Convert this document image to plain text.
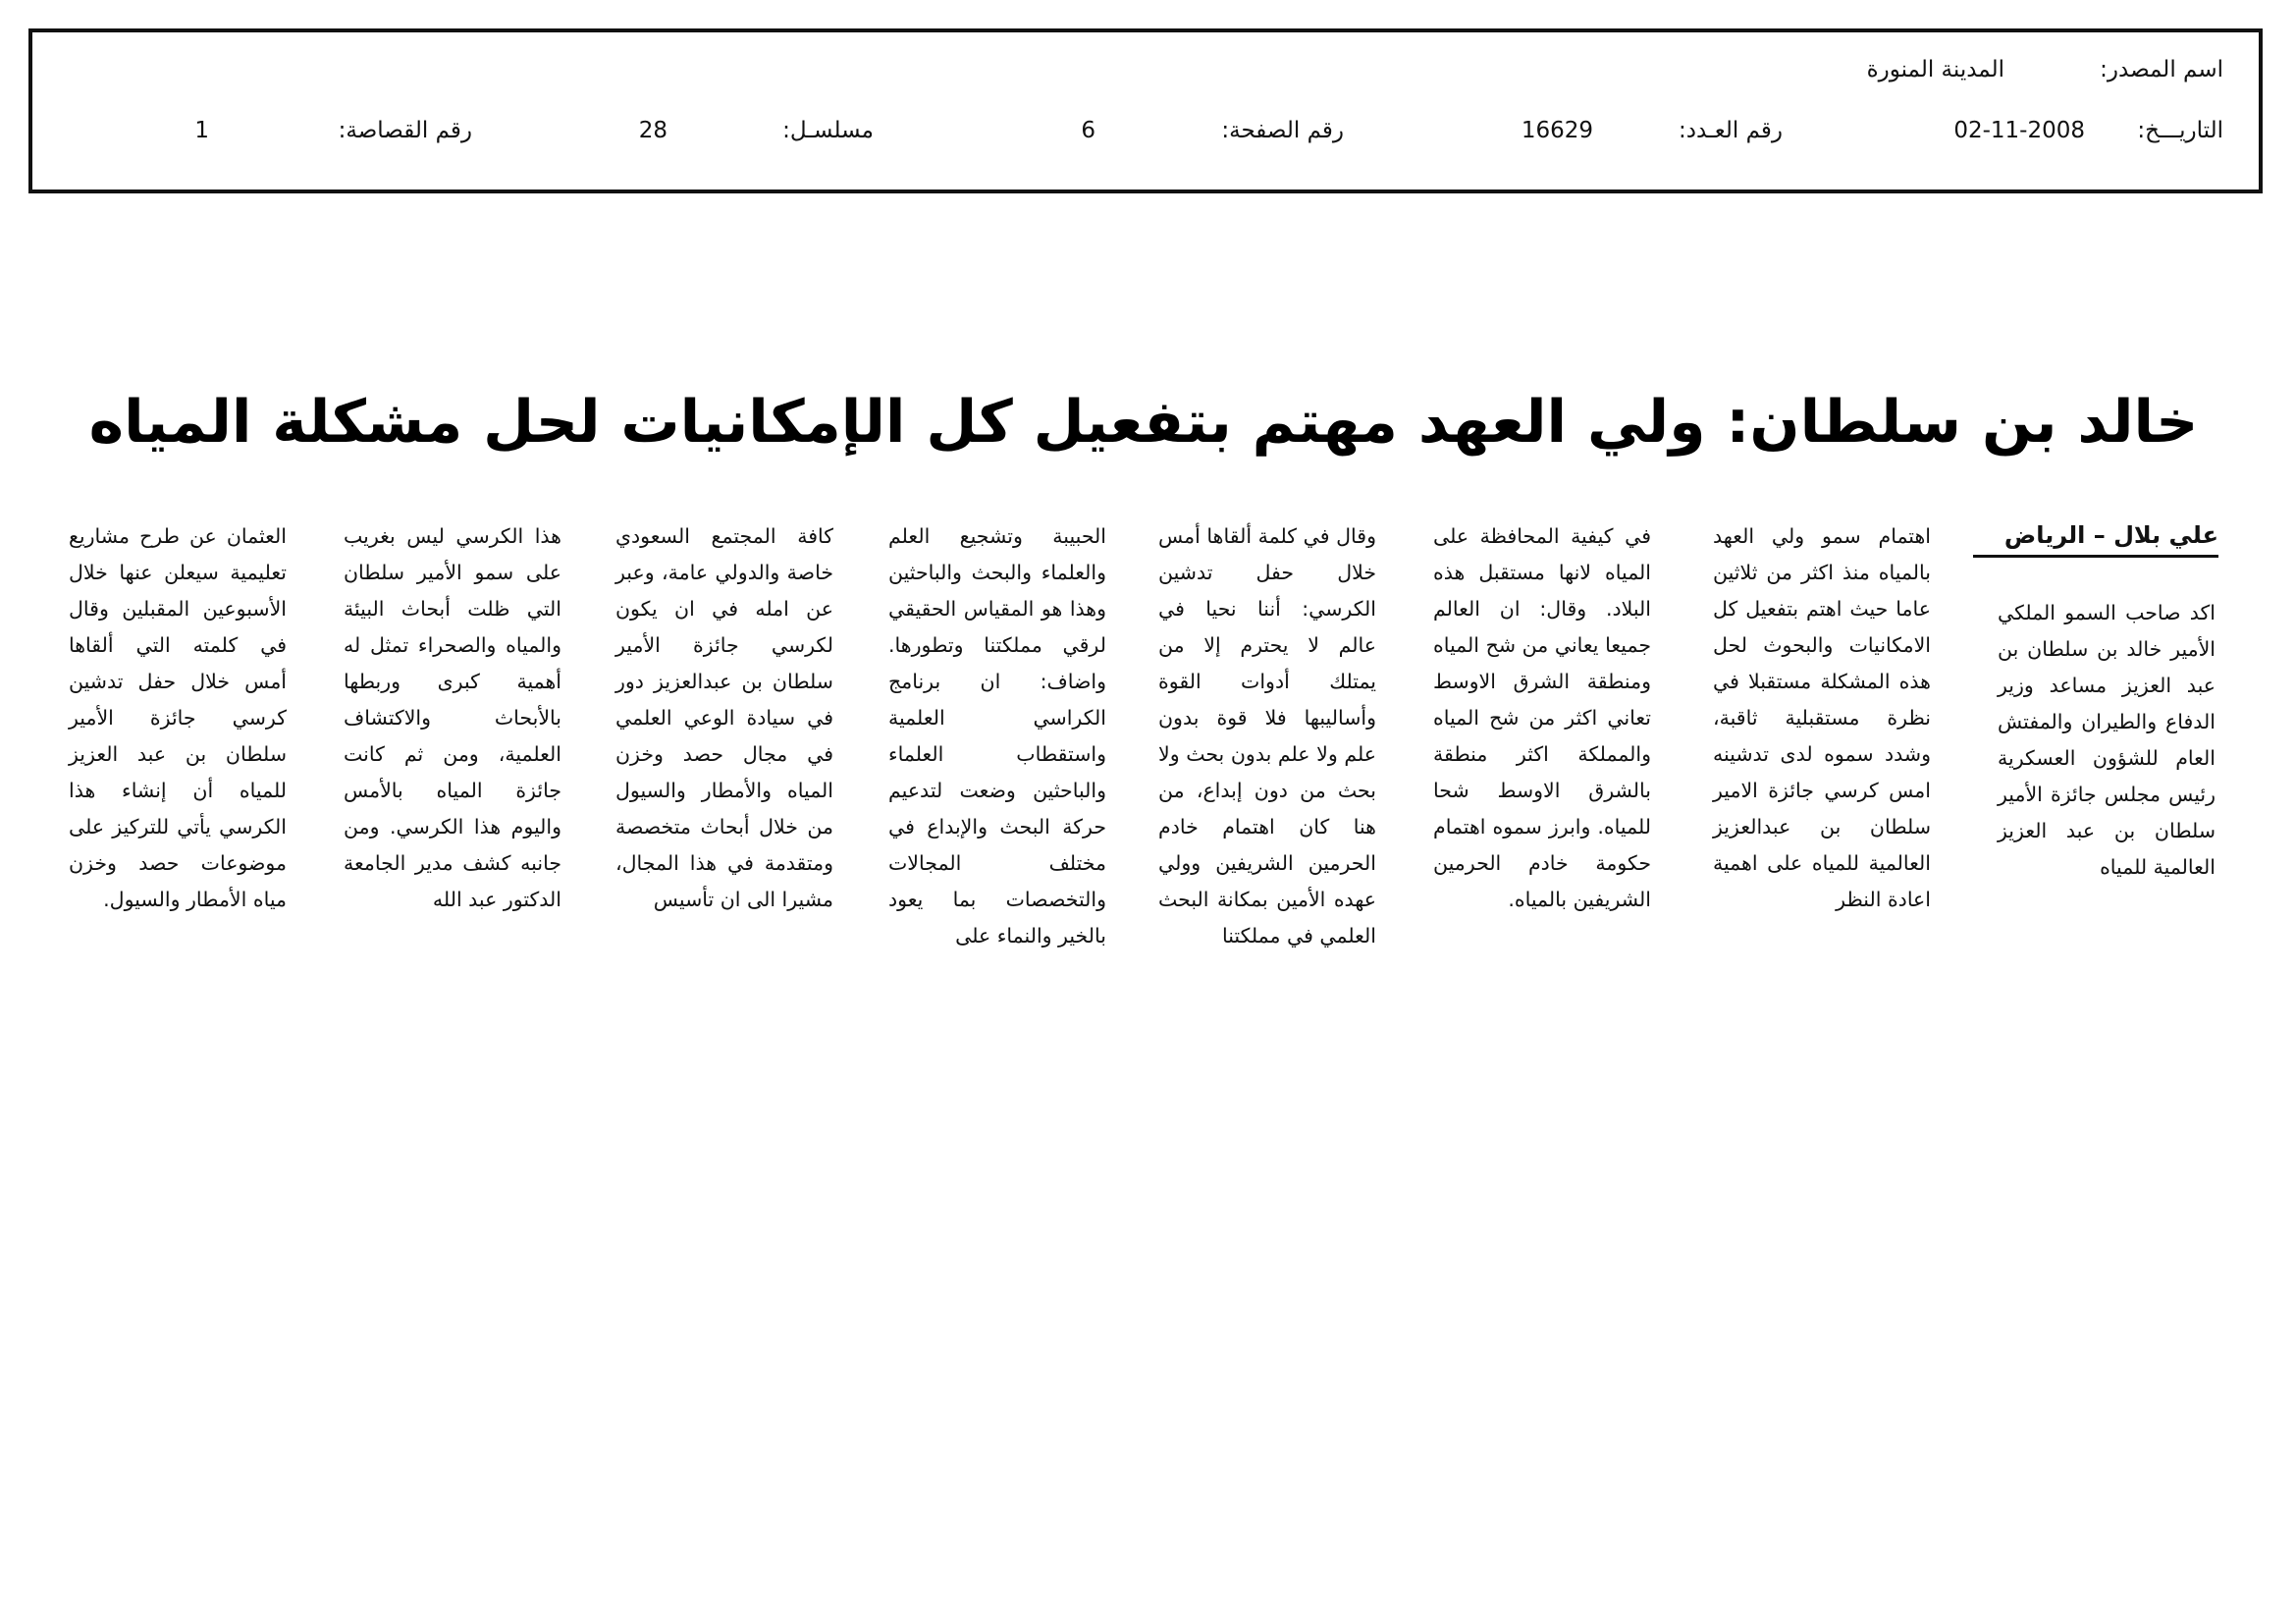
اسم المصدر:
المدينة المنورة
التاريـــخ:
02-11-2008
رقم العـدد:
16629
رقم الصفحة:
6
مسلسـل:
28
رقم القصاصة:
1
خالد بن سلطان: ولي العهد مهتم بتفعيل كل الإمكانيات لحل مشكلة المياه
علي بلال – الرياض
اكد صاحب السمو الملكي الأمير خالد بن سلطان بن عبد العزيز مساعد وزير الدفاع والطيران والمفتش العام للشؤون العسكرية رئيس مجلس جائزة الأمير سلطان بن عبد العزيز العالمية للمياه
اهتمام سمو ولي العهد بالمياه منذ اكثر من ثلاثين عاما حيث اهتم بتفعيل كل الامكانيات والبحوث لحل هذه المشكلة مستقبلا في نظرة مستقبلية ثاقبة، وشدد سموه لدى تدشينه امس كرسي جائزة الامير سلطان بن عبدالعزيز العالمية للمياه على اهمية اعادة النظر
في كيفية المحافظة على المياه لانها مستقبل هذه البلاد. وقال: ان العالم جميعا يعاني من شح المياه ومنطقة الشرق الاوسط تعاني اكثر من شح المياه والمملكة اكثر منطقة بالشرق الاوسط شحا للمياه. وابرز سموه اهتمام حكومة خادم الحرمين الشريفين بالمياه.
وقال في كلمة ألقاها أمس خلال حفل تدشين الكرسي: أننا نحيا في عالم لا يحترم إلا من يمتلك أدوات القوة وأساليبها فلا قوة بدون علم ولا علم بدون بحث ولا بحث من دون إبداع، من هنا كان اهتمام خادم الحرمين الشريفين وولي عهده الأمين بمكانة البحث العلمي في مملكتنا
الحبيبة وتشجيع العلم والعلماء والبحث والباحثين وهذا هو المقياس الحقيقي لرقي مملكتنا وتطورها. واضاف: ان برنامج الكراسي العلمية واستقطاب العلماء والباحثين وضعت لتدعيم حركة البحث والإبداع في مختلف المجالات والتخصصات بما يعود بالخير والنماء على
كافة المجتمع السعودي خاصة والدولي عامة، وعبر عن امله في ان يكون لكرسي جائزة الأمير سلطان بن عبدالعزيز دور في سيادة الوعي العلمي في مجال حصد وخزن المياه والأمطار والسيول من خلال أبحاث متخصصة ومتقدمة في هذا المجال، مشيرا الى ان تأسيس
هذا الكرسي ليس بغريب على سمو الأمير سلطان التي ظلت أبحاث البيئة والمياه والصحراء تمثل له أهمية كبرى وربطها بالأبحاث والاكتشاف العلمية، ومن ثم كانت جائزة المياه بالأمس واليوم هذا الكرسي. ومن جانبه كشف مدير الجامعة الدكتور عبد الله
العثمان عن طرح مشاريع تعليمية سيعلن عنها خلال الأسبوعين المقبلين وقال في كلمته التي ألقاها أمس خلال حفل تدشين كرسي جائزة الأمير سلطان بن عبد العزيز للمياه أن إنشاء هذا الكرسي يأتي للتركيز على موضوعات حصد وخزن مياه الأمطار والسيول.
